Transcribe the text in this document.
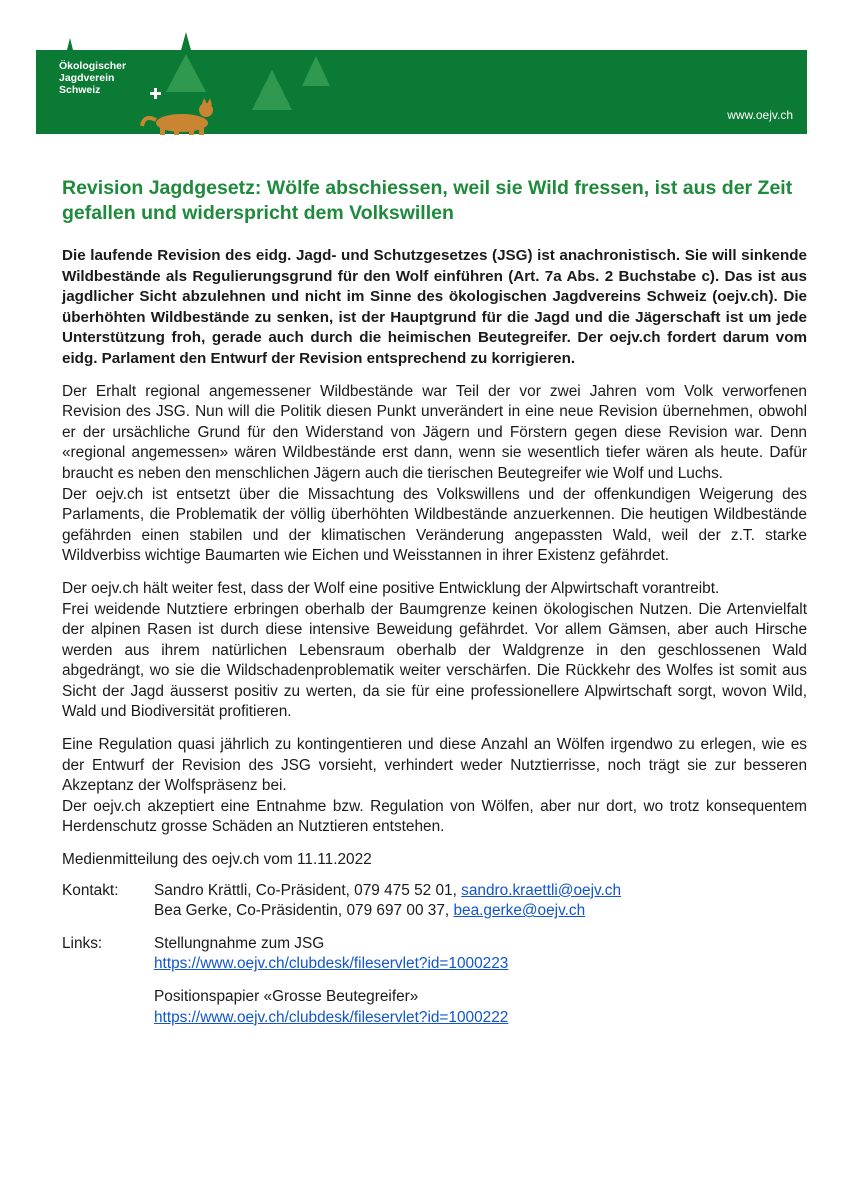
Ökologischer
Jagdverein
Schweiz
www.oejv.ch
Revision Jagdgesetz: Wölfe abschiessen, weil sie Wild fressen, ist aus der Zeit gefallen und widerspricht dem Volkswillen

Die laufende Revision des eidg. Jagd- und Schutzgesetzes (JSG) ist anachronistisch. Sie will sinkende Wildbestände als Regulierungsgrund für den Wolf einführen (Art. 7a Abs. 2 Buchstabe c). Das ist aus jagdlicher Sicht abzulehnen und nicht im Sinne des ökologischen Jagdvereins Schweiz (oejv.ch). Die überhöhten Wildbestände zu senken, ist der Hauptgrund für die Jagd und die Jägerschaft ist um jede Unterstützung froh, gerade auch durch die heimischen Beutegreifer. Der oejv.ch fordert darum vom eidg. Parlament den Entwurf der Revision entsprechend zu korrigieren.

Der Erhalt regional angemessener Wildbestände war Teil der vor zwei Jahren vom Volk verworfenen Revision des JSG. Nun will die Politik diesen Punkt unverändert in eine neue Revision übernehmen, obwohl er der ursächliche Grund für den Widerstand von Jägern und Förstern gegen diese Revision war. Denn «regional angemessen» wären Wildbestände erst dann, wenn sie wesentlich tiefer wären als heute. Dafür braucht es neben den menschlichen Jägern auch die tierischen Beutegreifer wie Wolf und Luchs.

Der oejv.ch ist entsetzt über die Missachtung des Volkswillens und der offenkundigen Weigerung des Parlaments, die Problematik der völlig überhöhten Wildbestände anzuerkennen. Die heutigen Wildbestände gefährden einen stabilen und der klimatischen Veränderung angepassten Wald, weil der z.T. starke Wildverbiss wichtige Baumarten wie Eichen und Weisstannen in ihrer Existenz gefährdet.

Der oejv.ch hält weiter fest, dass der Wolf eine positive Entwicklung der Alpwirtschaft vorantreibt.

Frei weidende Nutztiere erbringen oberhalb der Baumgrenze keinen ökologischen Nutzen. Die Artenvielfalt der alpinen Rasen ist durch diese intensive Beweidung gefährdet. Vor allem Gämsen, aber auch Hirsche werden aus ihrem natürlichen Lebensraum oberhalb der Waldgrenze in den geschlossenen Wald abgedrängt, wo sie die Wildschadenproblematik weiter verschärfen. Die Rückkehr des Wolfes ist somit aus Sicht der Jagd äusserst positiv zu werten, da sie für eine professionellere Alpwirtschaft sorgt, wovon Wild, Wald und Biodiversität profitieren.

Eine Regulation quasi jährlich zu kontingentieren und diese Anzahl an Wölfen irgendwo zu erlegen, wie es der Entwurf der Revision des JSG vorsieht, verhindert weder Nutztierrisse, noch trägt sie zur besseren Akzeptanz der Wolfspräsenz bei.

Der oejv.ch akzeptiert eine Entnahme bzw. Regulation von Wölfen, aber nur dort, wo trotz konsequentem Herdenschutz grosse Schäden an Nutztieren entstehen.

Medienmitteilung des oejv.ch vom 11.11.2022

Kontakt:	Sandro Krättli, Co-Präsident, 079 475 52 01, sandro.kraettli@oejv.ch
Bea Gerke, Co-Präsidentin, 079 697 00 37, bea.gerke@oejv.ch
Links:	Stellungnahme zum JSG
https://www.oejv.ch/clubdesk/fileservlet?id=1000223
Positionspapier «Grosse Beutegreifer»
https://www.oejv.ch/clubdesk/fileservlet?id=1000222
